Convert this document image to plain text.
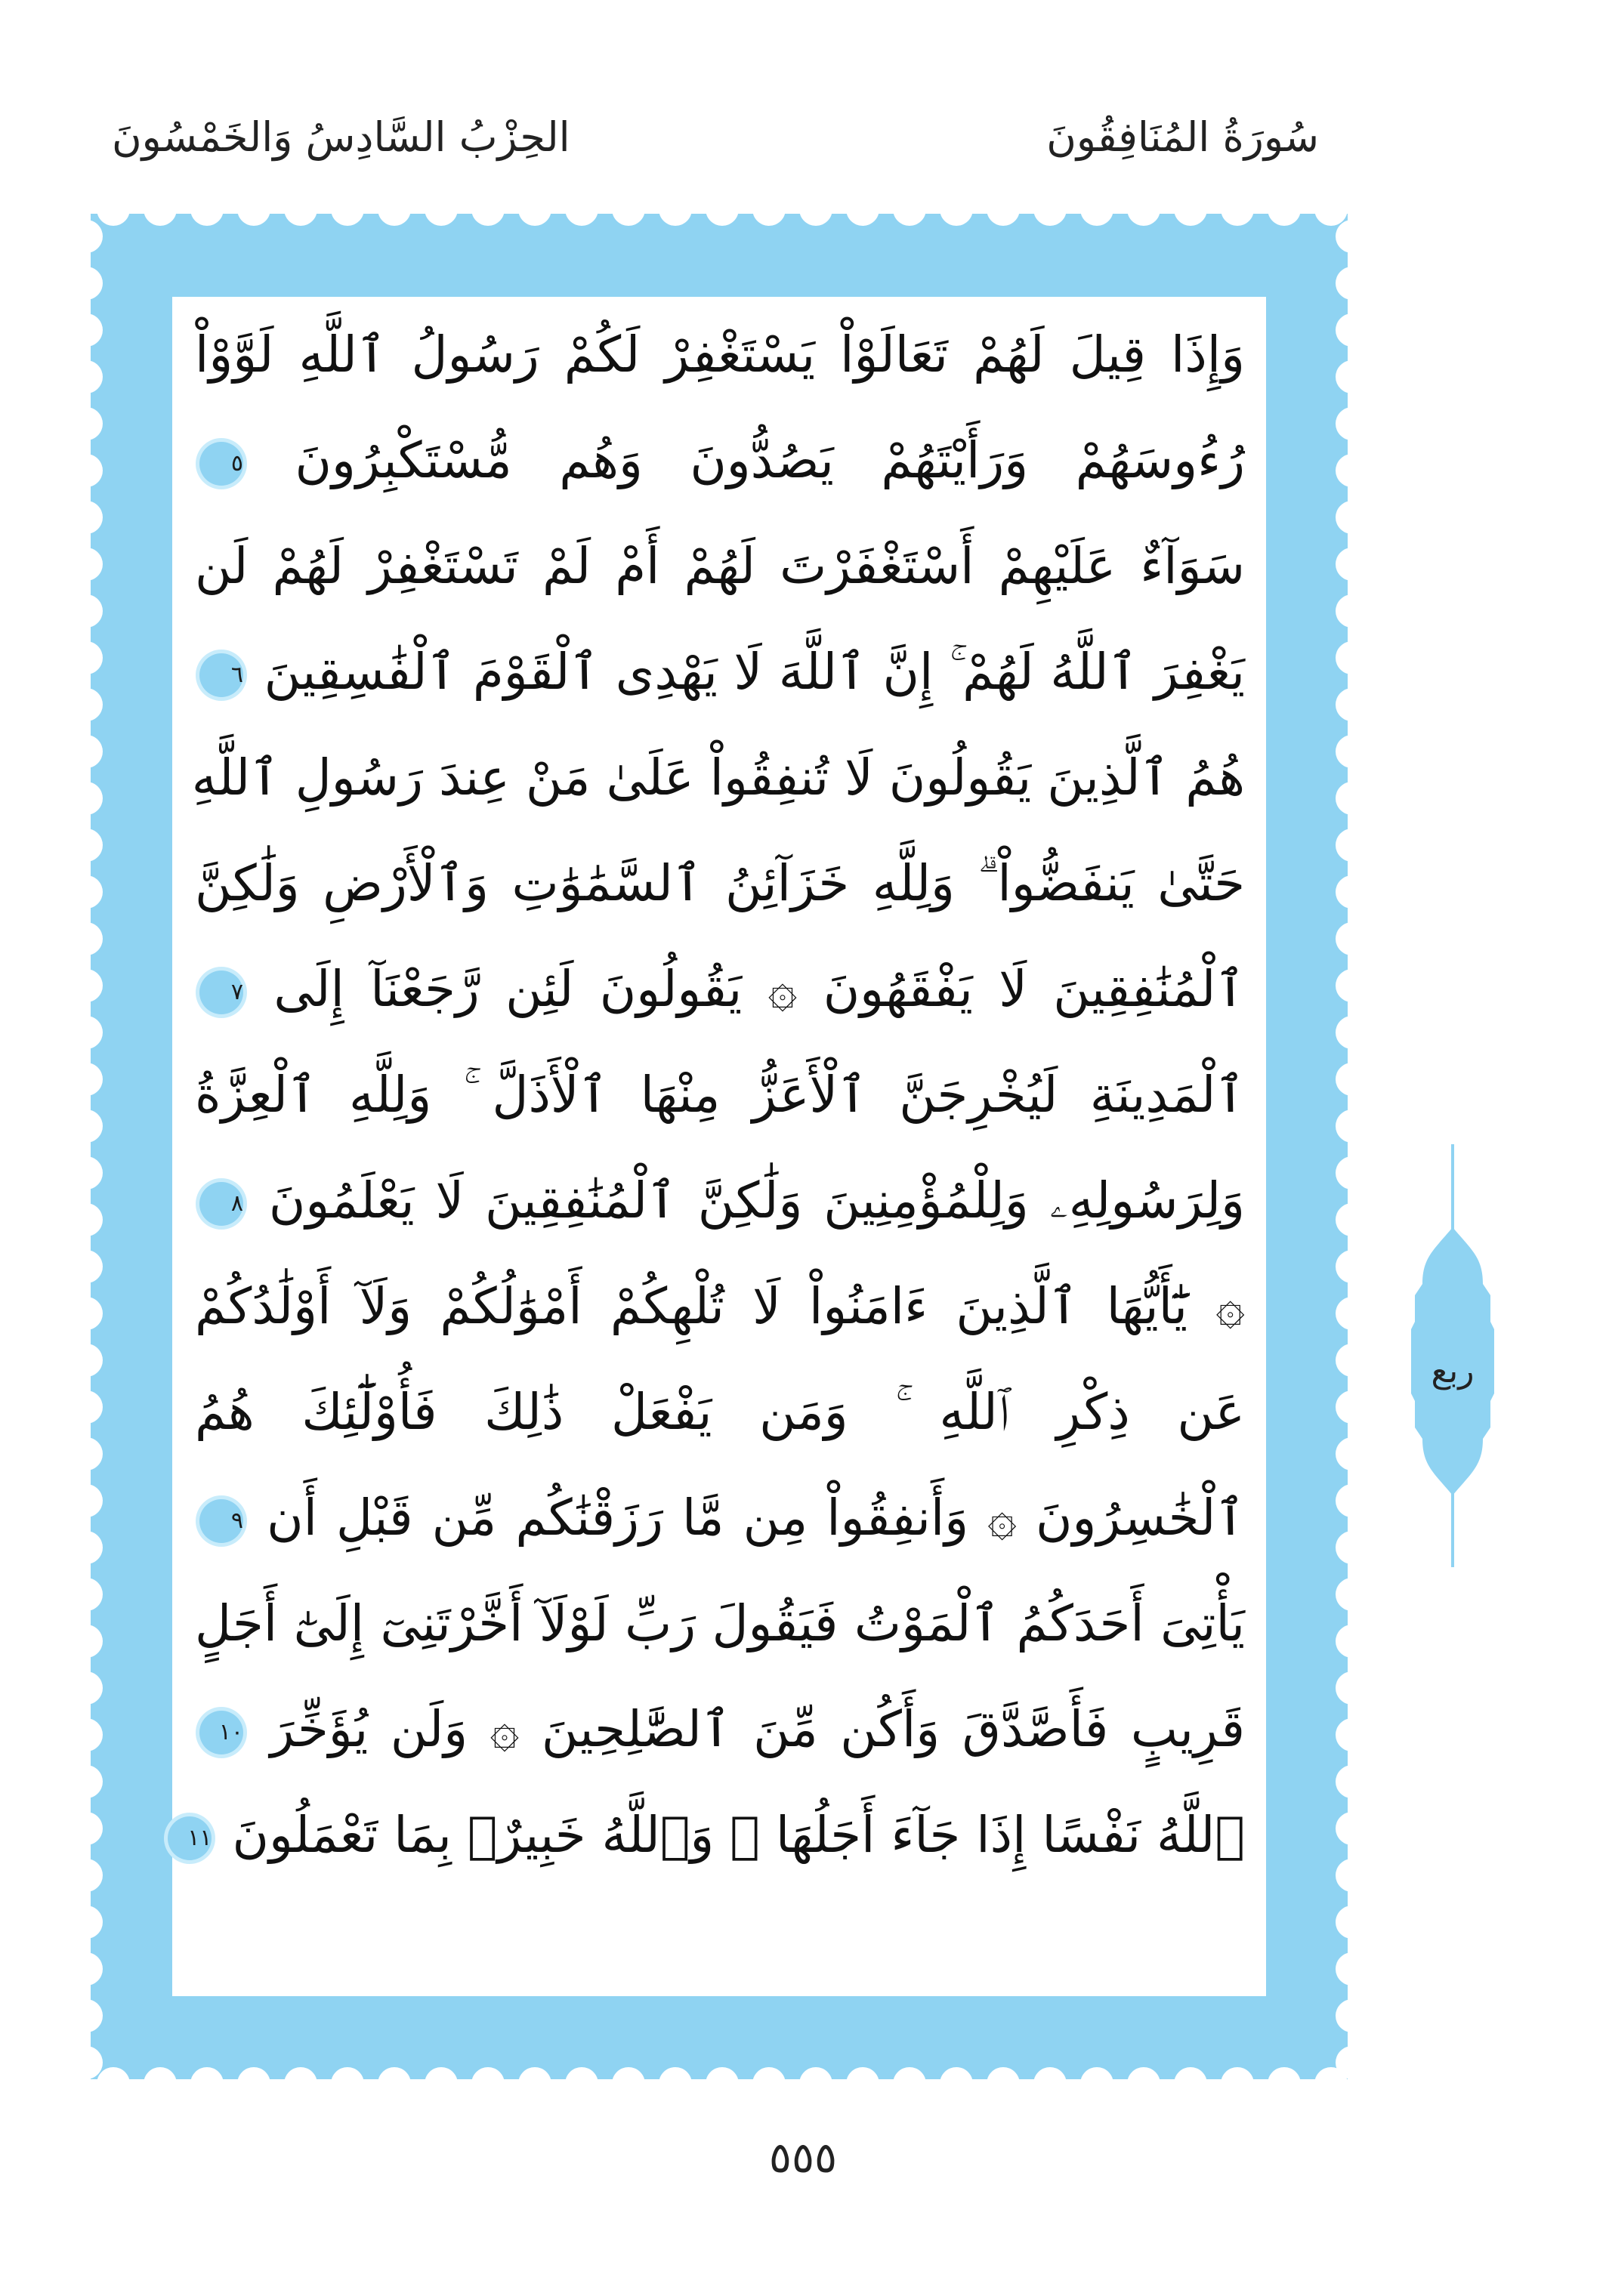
سُورَةُ المُنَافِقُونَ
الحِزْبُ السَّادِسُ وَالخَمْسُونَ
وَإِذَا قِيلَ لَهُمْ تَعَالَوْاْ يَسْتَغْفِرْ لَكُمْ رَسُولُ ٱللَّهِ لَوَّوْاْ
رُءُوسَهُمْ وَرَأَيْتَهُمْ يَصُدُّونَ وَهُم مُّسْتَكْبِرُونَ ٥
سَوَآءٌ عَلَيْهِمْ أَسْتَغْفَرْتَ لَهُمْ أَمْ لَمْ تَسْتَغْفِرْ لَهُمْ لَن
يَغْفِرَ ٱللَّهُ لَهُمْ ۚ إِنَّ ٱللَّهَ لَا يَهْدِى ٱلْقَوْمَ ٱلْفَٰسِقِينَ ٦
هُمُ ٱلَّذِينَ يَقُولُونَ لَا تُنفِقُواْ عَلَىٰ مَنْ عِندَ رَسُولِ ٱللَّهِ
حَتَّىٰ يَنفَضُّواْ ۗ وَلِلَّهِ خَزَآئِنُ ٱلسَّمَٰوَٰتِ وَٱلْأَرْضِ وَلَٰكِنَّ
ٱلْمُنَٰفِقِينَ لَا يَفْقَهُونَ ۞ يَقُولُونَ لَئِن رَّجَعْنَآ إِلَى ٧
ٱلْمَدِينَةِ لَيُخْرِجَنَّ ٱلْأَعَزُّ مِنْهَا ٱلْأَذَلَّ ۚ وَلِلَّهِ ٱلْعِزَّةُ
وَلِرَسُولِهِۦ وَلِلْمُؤْمِنِينَ وَلَٰكِنَّ ٱلْمُنَٰفِقِينَ لَا يَعْلَمُونَ ٨
۞ يَٰٓأَيُّهَا ٱلَّذِينَ ءَامَنُواْ لَا تُلْهِكُمْ أَمْوَٰلُكُمْ وَلَآ أَوْلَٰدُكُمْ
عَن ذِكْرِ ٱللَّهِ ۚ وَمَن يَفْعَلْ ذَٰلِكَ فَأُوْلَٰٓئِكَ هُمُ
ٱلْخَٰسِرُونَ ۞ وَأَنفِقُواْ مِن مَّا رَزَقْنَٰكُم مِّن قَبْلِ أَن ٩
يَأْتِىَ أَحَدَكُمُ ٱلْمَوْتُ فَيَقُولَ رَبِّ لَوْلَآ أَخَّرْتَنِىٓ إِلَىٰٓ أَجَلٍ
قَرِيبٍ فَأَصَّدَّقَ وَأَكُن مِّنَ ٱلصَّٰلِحِينَ ۞ وَلَن يُؤَخِّرَ ١٠
ٱللَّهُ نَفْسًا إِذَا جَآءَ أَجَلُهَا ۚ وَٱللَّهُ خَبِيرٌۢ بِمَا تَعْمَلُونَ ١١
ربع
٥٥٥
